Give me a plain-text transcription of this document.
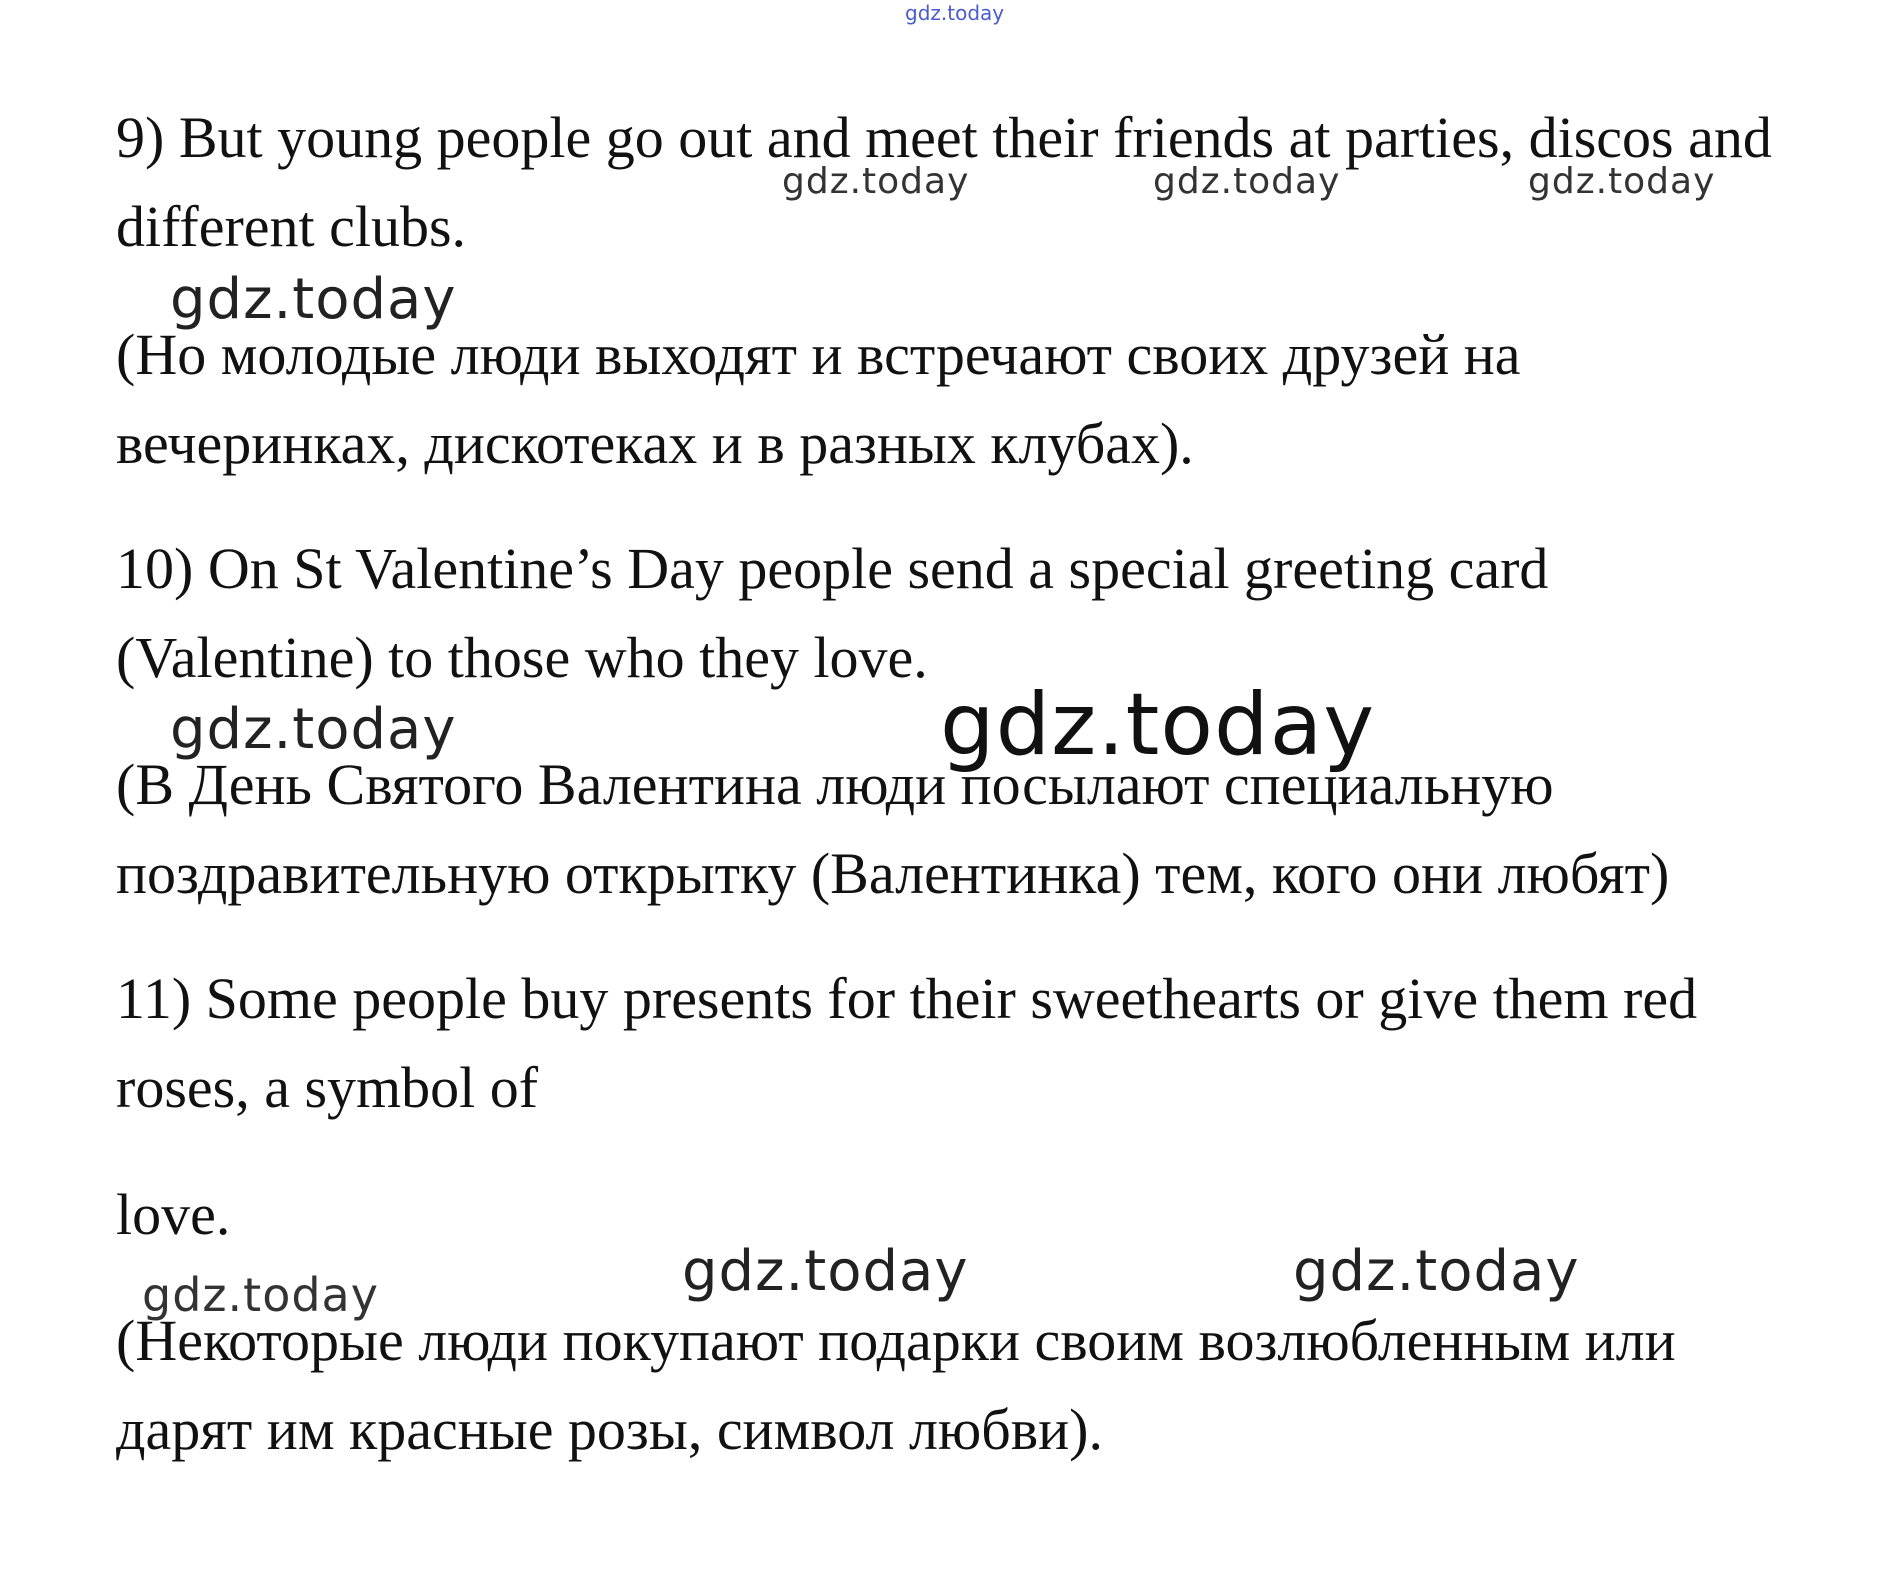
gdz.today
9) But young people go out and meet their friends at parties, discos and
gdz.today	gdz.today	gdz.today
different clubs.
gdz.today
(Но молодые люди выходят и встречают своих друзей на
вечеринках, дискотеках и в разных клубах).
10) On St Valentine’s Day people send a special greeting card
(Valentine) to those who they love.
gdz.today	gdz.today
(В День Святого Валентина люди посылают специальную
поздравительную открытку (Валентинка) тем, кого они любят)
11) Some people buy presents for their sweethearts or give them red
roses, a symbol of
love.
gdz.today	gdz.today	gdz.today
(Некоторые люди покупают подарки своим возлюбленным или
дарят им красные розы, символ любви).
